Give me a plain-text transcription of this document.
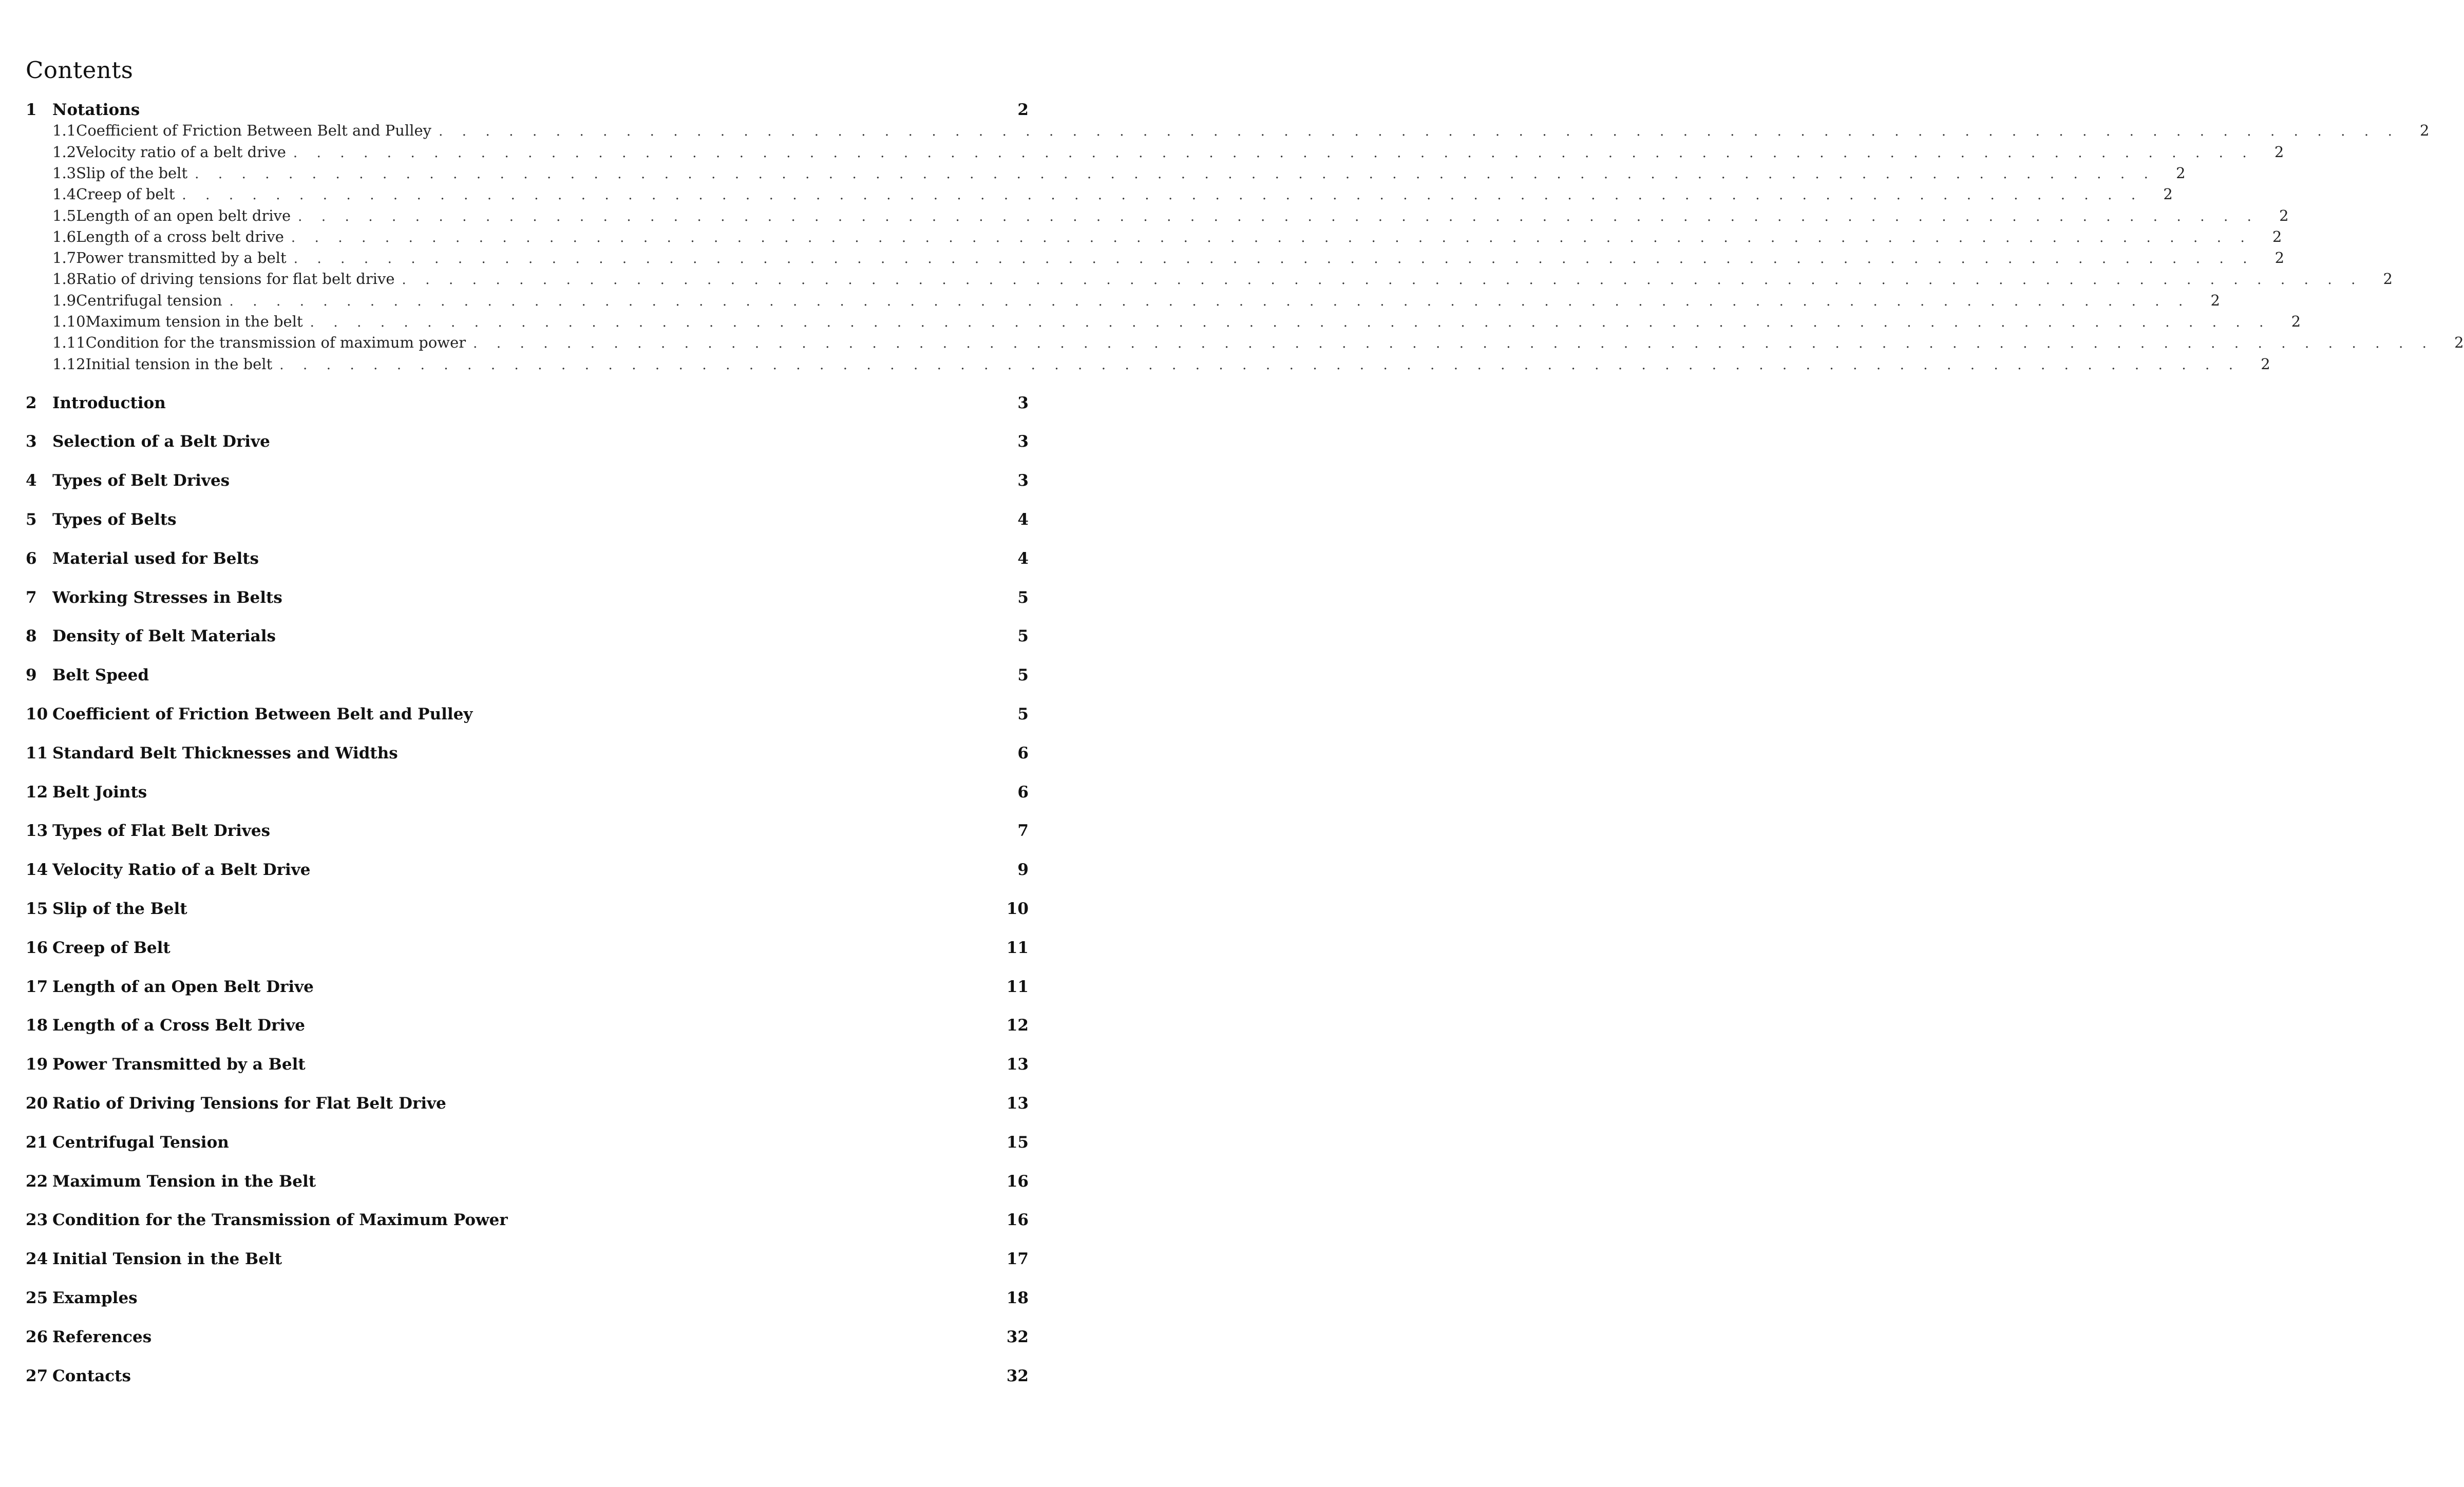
Contents
1 Notations	2
1.1 Coefficient of Friction Between Belt and Pulley . . . . . . . . . . . . . . . . . . . . . . . . . . . . . . . . . . . . . . . . . . . . . . . . . . . . . . . . . . . . . . . . . . . . . . . . . . . . . . . . . . . .	2
1.2 Velocity ratio of a belt drive . . . . . . . . . . . . . . . . . . . . . . . . . . . . . . . . . . . . . . . . . . . . . . . . . . . . . . . . . . . . . . . . . . . . . . . . . . . . . . . . . . . .	2
1.3 Slip of the belt . . . . . . . . . . . . . . . . . . . . . . . . . . . . . . . . . . . . . . . . . . . . . . . . . . . . . . . . . . . . . . . . . . . . . . . . . . . . . . . . . . . .	2
1.4 Creep of belt . . . . . . . . . . . . . . . . . . . . . . . . . . . . . . . . . . . . . . . . . . . . . . . . . . . . . . . . . . . . . . . . . . . . . . . . . . . . . . . . . . . .	2
1.5 Length of an open belt drive . . . . . . . . . . . . . . . . . . . . . . . . . . . . . . . . . . . . . . . . . . . . . . . . . . . . . . . . . . . . . . . . . . . . . . . . . . . . . . . . . . . .	2
1.6 Length of a cross belt drive . . . . . . . . . . . . . . . . . . . . . . . . . . . . . . . . . . . . . . . . . . . . . . . . . . . . . . . . . . . . . . . . . . . . . . . . . . . . . . . . . . . .	2
1.7 Power transmitted by a belt . . . . . . . . . . . . . . . . . . . . . . . . . . . . . . . . . . . . . . . . . . . . . . . . . . . . . . . . . . . . . . . . . . . . . . . . . . . . . . . . . . . .	2
1.8 Ratio of driving tensions for flat belt drive . . . . . . . . . . . . . . . . . . . . . . . . . . . . . . . . . . . . . . . . . . . . . . . . . . . . . . . . . . . . . . . . . . . . . . . . . . . . . . . . . . . .	2
1.9 Centrifugal tension . . . . . . . . . . . . . . . . . . . . . . . . . . . . . . . . . . . . . . . . . . . . . . . . . . . . . . . . . . . . . . . . . . . . . . . . . . . . . . . . . . . .	2
1.10 Maximum tension in the belt . . . . . . . . . . . . . . . . . . . . . . . . . . . . . . . . . . . . . . . . . . . . . . . . . . . . . . . . . . . . . . . . . . . . . . . . . . . . . . . . . . . .	2
1.11 Condition for the transmission of maximum power . . . . . . . . . . . . . . . . . . . . . . . . . . . . . . . . . . . . . . . . . . . . . . . . . . . . . . . . . . . . . . . . . . . . . . . . . . . . . . . . . . . .	2
1.12 Initial tension in the belt . . . . . . . . . . . . . . . . . . . . . . . . . . . . . . . . . . . . . . . . . . . . . . . . . . . . . . . . . . . . . . . . . . . . . . . . . . . . . . . . . . . .	2
2 Introduction	3
3 Selection of a Belt Drive	3
4 Types of Belt Drives	3
5 Types of Belts	4
6 Material used for Belts	4
7 Working Stresses in Belts	5
8 Density of Belt Materials	5
9 Belt Speed	5
10 Coefficient of Friction Between Belt and Pulley	5
11 Standard Belt Thicknesses and Widths	6
12 Belt Joints	6
13 Types of Flat Belt Drives	7
14 Velocity Ratio of a Belt Drive	9
15 Slip of the Belt	10
16 Creep of Belt	11
17 Length of an Open Belt Drive	11
18 Length of a Cross Belt Drive	12
19 Power Transmitted by a Belt	13
20 Ratio of Driving Tensions for Flat Belt Drive	13
21 Centrifugal Tension	15
22 Maximum Tension in the Belt	16
23 Condition for the Transmission of Maximum Power	16
24 Initial Tension in the Belt	17
25 Examples	18
26 References	32
27 Contacts	32
